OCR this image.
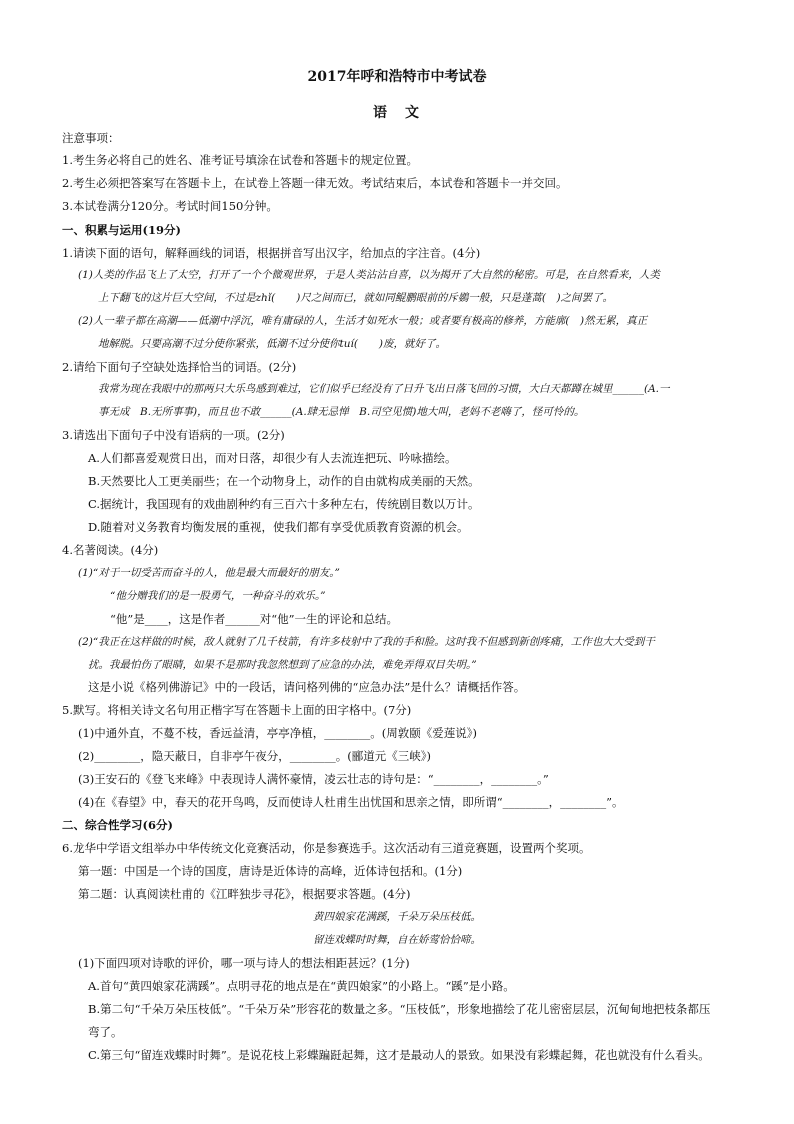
2017年呼和浩特市中考试卷
语　文
注意事项：
1.考生务必将自己的姓名、准考证号填涂在试卷和答题卡的规定位置。
2.考生必须把答案写在答题卡上，在试卷上答题一律无效。考试结束后，本试卷和答题卡一并交回。
3.本试卷满分120分。考试时间150分钟。
一、积累与运用(19分)
1.请读下面的语句，解释画线的词语，根据拼音写出汉字，给加点的字注音。(4分)
(1)人类的作品飞上了太空，打开了一个个微观世界，于是人类沾沾自喜，以为揭开了大自然的秘密。可是，在自然看来，人类
上下翻飞的这片巨大空间，不过是zhǐ(　　)尺之间而已，就如同鲲鹏眼前的斥鷃一般，只是蓬蒿(　)之间罢了。
(2)人一辈子都在高潮——低潮中浮沉，唯有庸碌的人，生活才如死水一般；或者要有极高的修养，方能廓(　)然无累，真正
地解脱。只要高潮不过分使你紧张，低潮不过分使你tuí(　　)废，就好了。
2.请给下面句子空缺处选择恰当的词语。(2分)
我常为现在我眼中的那两只大乐鸟感到难过，它们似乎已经没有了日升飞出日落飞回的习惯，大白天都蹲在城里______(A.一
事无成　B.无所事事)，而且也不敢______(A.肆无忌惮　B.司空见惯)地大叫，老妈不老嗨了，怪可怜的。
3.请选出下面句子中没有语病的一项。(2分)
A.人们都喜爱观赏日出，而对日落，却很少有人去流连把玩、吟咏描绘。
B.天然要比人工更美丽些；在一个动物身上，动作的自由就构成美丽的天然。
C.据统计，我国现有的戏曲剧种约有三百六十多种左右，传统剧目数以万计。
D.随着对义务教育均衡发展的重视，使我们都有享受优质教育资源的机会。
4.名著阅读。(4分)
(1)“对于一切受苦而奋斗的人，他是最大而最好的朋友。”
“他分赠我们的是一股勇气，一种奋斗的欢乐。”
“他”是____，这是作者______对“他”一生的评论和总结。
(2)“我正在这样做的时候，敌人就射了几千枝箭，有许多枝射中了我的手和脸。这时我不但感到新创疼痛，工作也大大受到干
扰。我最怕伤了眼睛，如果不是那时我忽然想到了应急的办法，难免弄得双目失明。”
这是小说《格列佛游记》中的一段话，请问格列佛的“应急办法”是什么？请概括作答。
5.默写。将相关诗文名句用正楷字写在答题卡上面的田字格中。(7分)
(1)中通外直，不蔓不枝，香远益清，亭亭净植，________。(周敦颐《爱莲说》)
(2)________，隐天蔽日，自非亭午夜分，________。(郦道元《三峡》)
(3)王安石的《登飞来峰》中表现诗人满怀豪情，凌云壮志的诗句是：“________，________。”
(4)在《春望》中，春天的花开鸟鸣，反而使诗人杜甫生出忧国和思亲之情，即所谓“________，________”。
二、综合性学习(6分)
6.龙华中学语文组举办中华传统文化竞赛活动，你是参赛选手。这次活动有三道竞赛题，设置两个奖项。
第一题：中国是一个诗的国度，唐诗是近体诗的高峰，近体诗包括和。(1分)
第二题：认真阅读杜甫的《江畔独步寻花》，根据要求答题。(4分)
黄四娘家花满蹊，千朵万朵压枝低。
留连戏蝶时时舞，自在娇莺恰恰啼。
(1)下面四项对诗歌的评价，哪一项与诗人的想法相距甚远？(1分)
A.首句“黄四娘家花满蹊”。点明寻花的地点是在“黄四娘家”的小路上。“蹊”是小路。
B.第二句“千朵万朵压枝低”。“千朵万朵”形容花的数量之多。“压枝低”，形象地描绘了花儿密密层层，沉甸甸地把枝条都压
弯了。
C.第三句“留连戏蝶时时舞”。是说花枝上彩蝶蹁跹起舞，这才是最动人的景致。如果没有彩蝶起舞，花也就没有什么看头。
